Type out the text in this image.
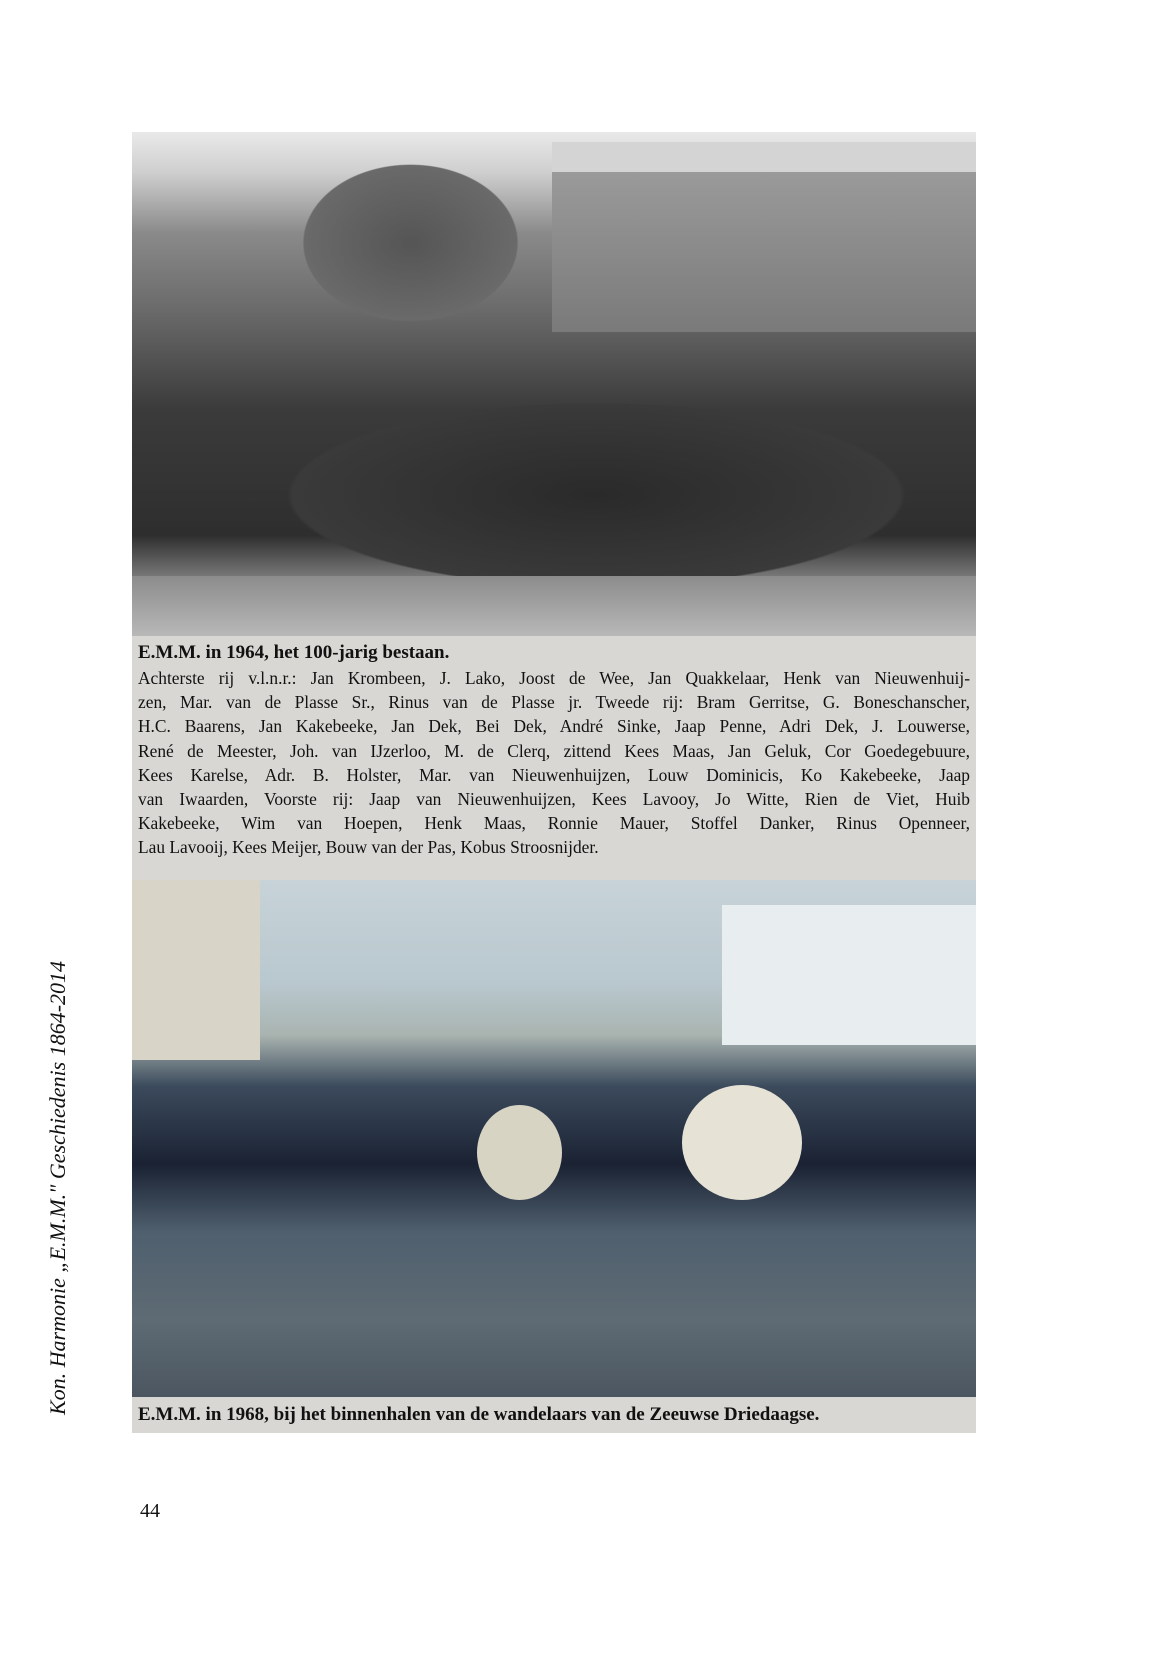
E.M.M. in 1964, het 100-jarig bestaan.
Achterste rij v.l.n.r.: Jan Krombeen, J. Lako, Joost de Wee, Jan Quakkelaar, Henk van Nieuwenhuij-
zen, Mar. van de Plasse Sr., Rinus van de Plasse jr. Tweede rij: Bram Gerritse, G. Boneschanscher,
H.C. Baarens, Jan Kakebeeke, Jan Dek, Bei Dek, André Sinke, Jaap Penne, Adri Dek, J. Louwerse,
René de Meester, Joh. van IJzerloo, M. de Clerq, zittend Kees Maas, Jan Geluk, Cor Goedegebuure,
Kees Karelse, Adr. B. Holster, Mar. van Nieuwenhuijzen, Louw Dominicis, Ko Kakebeeke, Jaap
van Iwaarden, Voorste rij: Jaap van Nieuwenhuijzen, Kees Lavooy, Jo Witte, Rien de Viet, Huib
Kakebeeke, Wim van Hoepen, Henk Maas, Ronnie Mauer, Stoffel Danker, Rinus Openneer,
Lau Lavooij, Kees Meijer, Bouw van der Pas, Kobus Stroosnijder.
E.M.M. in 1968, bij het binnenhalen van de wandelaars van de Zeeuwse Driedaagse.
Kon. Harmonie „E.M.M." Geschiedenis 1864-2014
44
